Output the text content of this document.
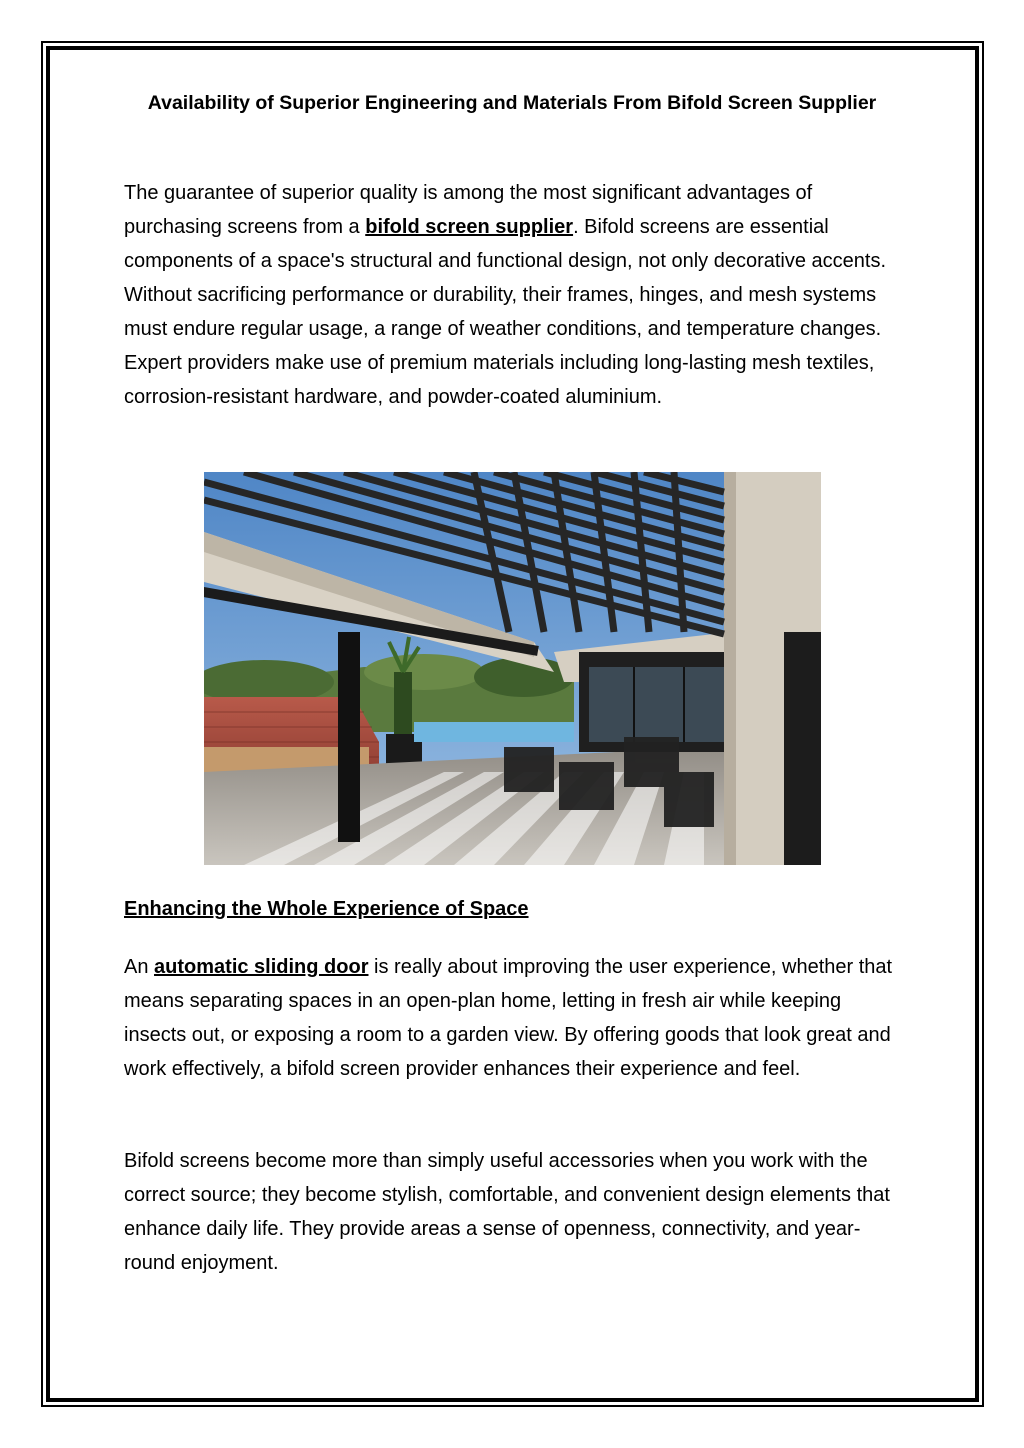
Availability of Superior Engineering and Materials From Bifold Screen Supplier

The guarantee of superior quality is among the most significant advantages of purchasing screens from a bifold screen supplier. Bifold screens are essential components of a space's structural and functional design, not only decorative accents. Without sacrificing performance or durability, their frames, hinges, and mesh systems must endure regular usage, a range of weather conditions, and temperature changes. Expert providers make use of premium materials including long-lasting mesh textiles, corrosion-resistant hardware, and powder-coated aluminium.

Enhancing the Whole Experience of Space

An automatic sliding door is really about improving the user experience, whether that means separating spaces in an open-plan home, letting in fresh air while keeping insects out, or exposing a room to a garden view. By offering goods that look great and work effectively, a bifold screen provider enhances their experience and feel.

Bifold screens become more than simply useful accessories when you work with the correct source; they become stylish, comfortable, and convenient design elements that enhance daily life. They provide areas a sense of openness, connectivity, and year-round enjoyment.
